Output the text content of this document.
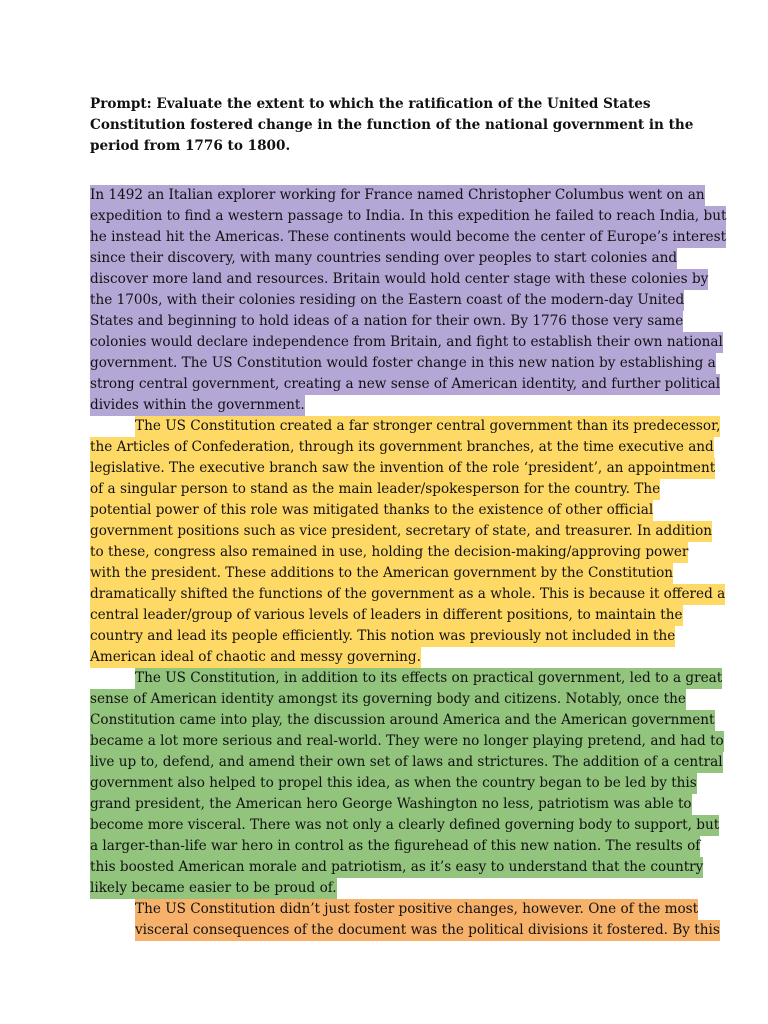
Prompt: Evaluate the extent to which the ratification of the United States
Constitution fostered change in the function of the national government in the
period from 1776 to 1800.
In 1492 an Italian explorer working for France named Christopher Columbus went on an
expedition to find a western passage to India. In this expedition he failed to reach India, but
he instead hit the Americas. These continents would become the center of Europe’s interest
since their discovery, with many countries sending over peoples to start colonies and
discover more land and resources. Britain would hold center stage with these colonies by
the 1700s, with their colonies residing on the Eastern coast of the modern-day United
States and beginning to hold ideas of a nation for their own. By 1776 those very same
colonies would declare independence from Britain, and fight to establish their own national
government. The US Constitution would foster change in this new nation by establishing a
strong central government, creating a new sense of American identity, and further political
divides within the government.
The US Constitution created a far stronger central government than its predecessor,
the Articles of Confederation, through its government branches, at the time executive and
legislative. The executive branch saw the invention of the role ‘president’, an appointment
of a singular person to stand as the main leader/spokesperson for the country. The
potential power of this role was mitigated thanks to the existence of other official
government positions such as vice president, secretary of state, and treasurer. In addition
to these, congress also remained in use, holding the decision-making/approving power
with the president. These additions to the American government by the Constitution
dramatically shifted the functions of the government as a whole. This is because it offered a
central leader/group of various levels of leaders in different positions, to maintain the
country and lead its people efficiently. This notion was previously not included in the
American ideal of chaotic and messy governing.
The US Constitution, in addition to its effects on practical government, led to a great
sense of American identity amongst its governing body and citizens. Notably, once the
Constitution came into play, the discussion around America and the American government
became a lot more serious and real-world. They were no longer playing pretend, and had to
live up to, defend, and amend their own set of laws and strictures. The addition of a central
government also helped to propel this idea, as when the country began to be led by this
grand president, the American hero George Washington no less, patriotism was able to
become more visceral. There was not only a clearly defined governing body to support, but
a larger-than-life war hero in control as the figurehead of this new nation. The results of
this boosted American morale and patriotism, as it’s easy to understand that the country
likely became easier to be proud of.
The US Constitution didn’t just foster positive changes, however. One of the most
visceral consequences of the document was the political divisions it fostered. By this
